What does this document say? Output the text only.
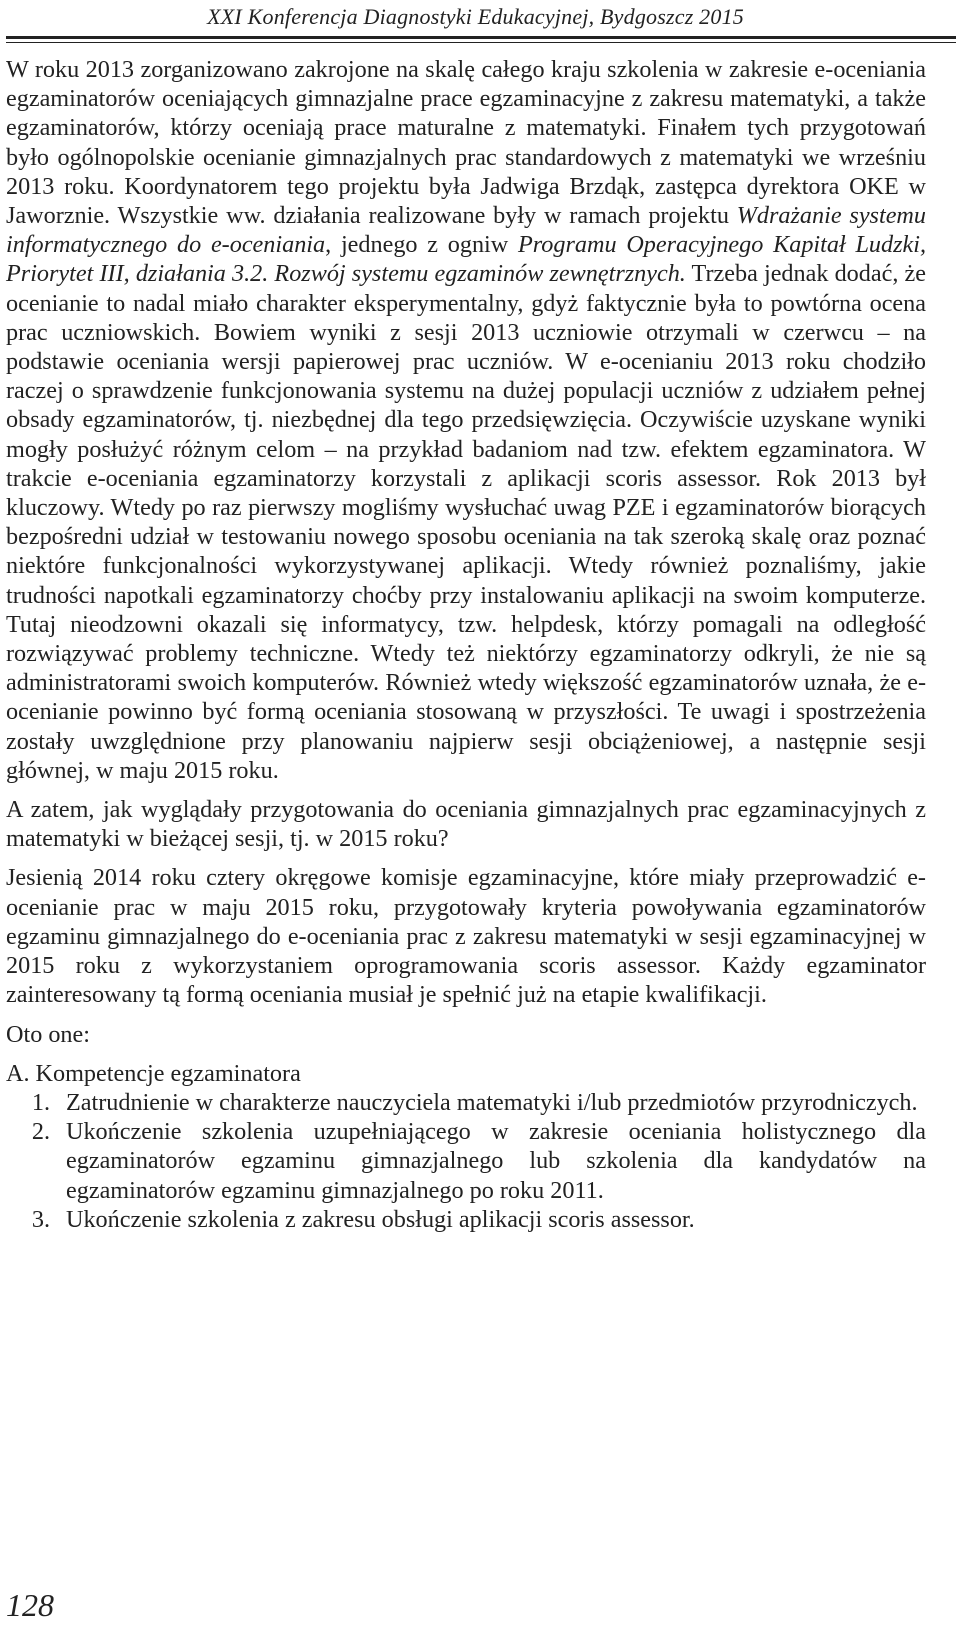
XXI Konferencja Diagnostyki Edukacyjnej, Bydgoszcz 2015

W roku 2013 zorganizowano zakrojone na skalę całego kraju szkolenia w zakresie e-oceniania egzaminatorów oceniających gimnazjalne prace egzaminacyjne z zakresu matematyki, a także egzaminatorów, którzy oceniają prace maturalne z matematyki. Finałem tych przygotowań było ogólnopolskie ocenianie gimnazjalnych prac standardowych z matematyki we wrześniu 2013 roku. Koordynatorem tego projektu była Jadwiga Brzdąk, zastępca dyrektora OKE w Jaworznie. Wszystkie ww. działania realizowane były w ramach projektu Wdrażanie systemu informatycznego do e-oceniania, jednego z ogniw Programu Operacyjnego Kapitał Ludzki, Priorytet III, działania 3.2. Rozwój systemu egzaminów zewnętrznych. Trzeba jednak dodać, że ocenianie to nadal miało charakter eksperymentalny, gdyż faktycznie była to powtórna ocena prac uczniowskich. Bowiem wyniki z sesji 2013 uczniowie otrzymali w czerwcu – na podstawie oceniania wersji papierowej prac uczniów. W e-ocenianiu 2013 roku chodziło raczej o sprawdzenie funkcjonowania systemu na dużej populacji uczniów z udziałem pełnej obsady egzaminatorów, tj. niezbędnej dla tego przedsięwzięcia. Oczywiście uzyskane wyniki mogły posłużyć różnym celom – na przykład badaniom nad tzw. efektem egzaminatora. W trakcie e-oceniania egzaminatorzy korzystali z aplikacji scoris assessor. Rok 2013 był kluczowy. Wtedy po raz pierwszy mogliśmy wysłuchać uwag PZE i egzaminatorów biorących bezpośredni udział w testowaniu nowego sposobu oceniania na tak szeroką skalę oraz poznać niektóre funkcjonalności wykorzystywanej aplikacji. Wtedy również poznaliśmy, jakie trudności napotkali egzaminatorzy choćby przy instalowaniu aplikacji na swoim komputerze. Tutaj nieodzowni okazali się informatycy, tzw. helpdesk, którzy pomagali na odległość rozwiązywać problemy techniczne. Wtedy też niektórzy egzaminatorzy odkryli, że nie są administratorami swoich komputerów. Również wtedy większość egzaminatorów uznała, że e-ocenianie powinno być formą oceniania stosowaną w przyszłości. Te uwagi i spostrzeżenia zostały uwzględnione przy planowaniu najpierw sesji obciążeniowej, a następnie sesji głównej, w maju 2015 roku.

A zatem, jak wyglądały przygotowania do oceniania gimnazjalnych prac egzaminacyjnych z matematyki w bieżącej sesji, tj. w 2015 roku?

Jesienią 2014 roku cztery okręgowe komisje egzaminacyjne, które miały przeprowadzić e-ocenianie prac w maju 2015 roku, przygotowały kryteria powoływania egzaminatorów egzaminu gimnazjalnego do e-oceniania prac z zakresu matematyki w sesji egzaminacyjnej w 2015 roku z wykorzystaniem oprogramowania scoris assessor. Każdy egzaminator zainteresowany tą formą oceniania musiał je spełnić już na etapie kwalifikacji.

Oto one:

A. Kompetencje egzaminatora

1. Zatrudnienie w charakterze nauczyciela matematyki i/lub przedmiotów przyrodniczych.
2. Ukończenie szkolenia uzupełniającego w zakresie oceniania holistycznego dla egzaminatorów egzaminu gimnazjalnego lub szkolenia dla kandydatów na egzaminatorów egzaminu gimnazjalnego po roku 2011.
3. Ukończenie szkolenia z zakresu obsługi aplikacji scoris assessor.
128
